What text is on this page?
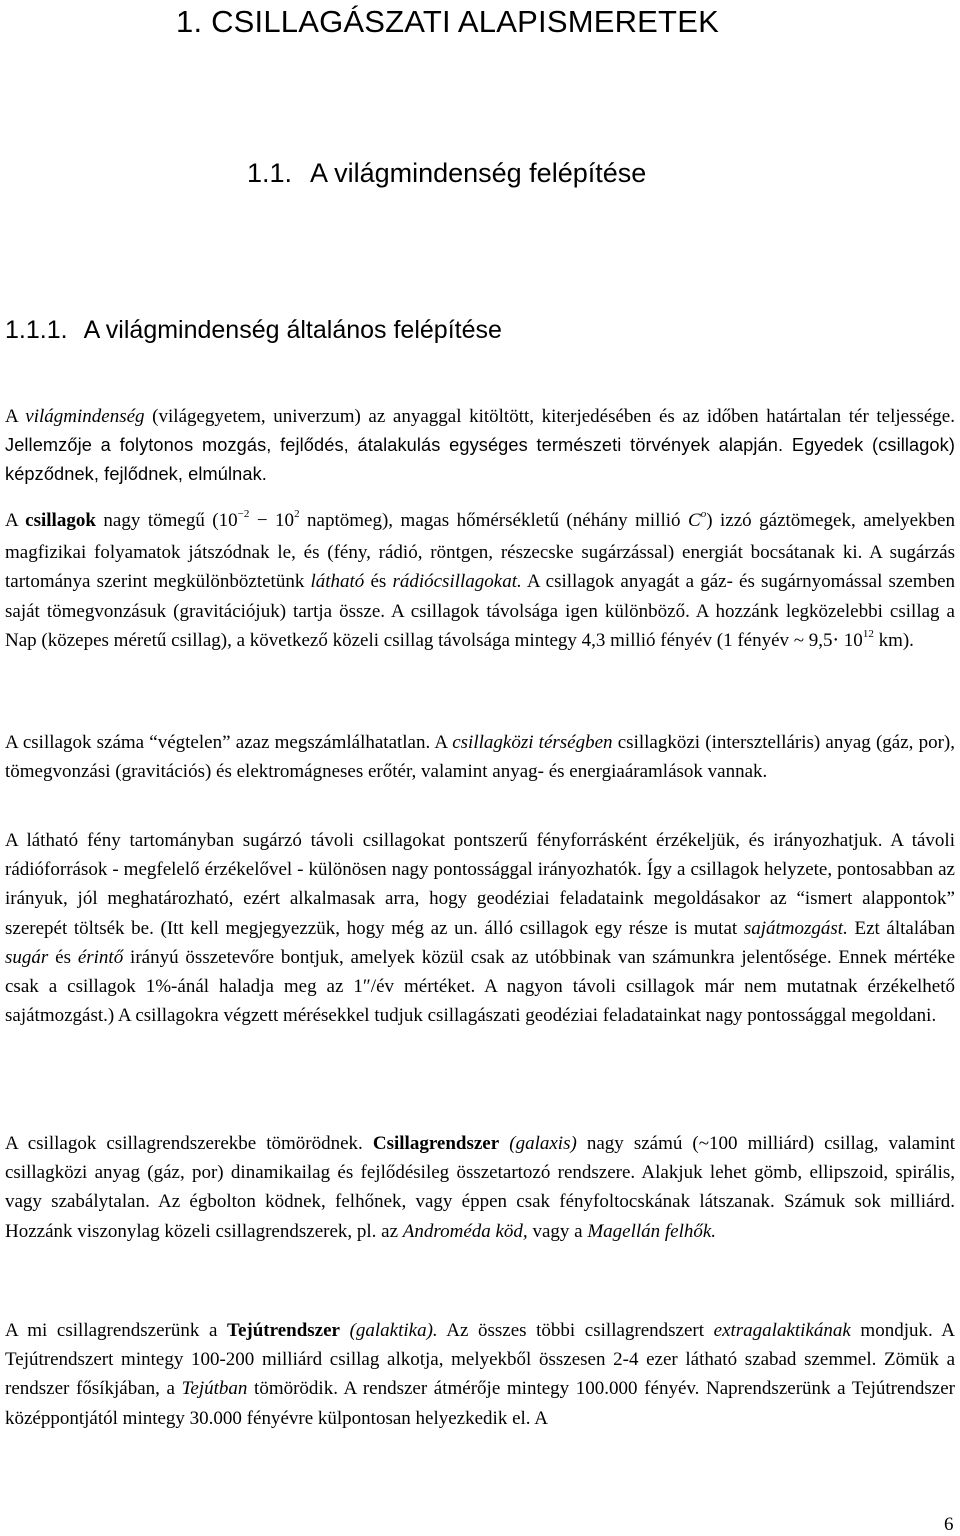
1. CSILLAGÁSZATI ALAPISMERETEK
1.1. A világmindenség felépítése
1.1.1. A világmindenség általános felépítése

A világmindenség (világegyetem, univerzum) az anyaggal kitöltött, kiterjedésében és az időben határtalan tér teljessége. Jellemzője a folytonos mozgás, fejlődés, átalakulás egységes természeti törvények alapján. Egyedek (csillagok) képződnek, fejlődnek, elmúlnak.

A csillagok nagy tömegű ($10^{-2} - 10^2$ naptömeg), magas hőmérsékletű (néhány millió $C^o$) izzó gáztömegek, amelyekben magfizikai folyamatok játszódnak le, és (fény, rádió, röntgen, részecske sugárzással) energiát bocsátanak ki. A sugárzás tartománya szerint megkülönböztetünk látható és rádiócsillagokat. A csillagok anyagát a gáz- és sugárnyomással szemben saját tömegvonzásuk (gravitációjuk) tartja össze. A csillagok távolsága igen különböző. A hozzánk legközelebbi csillag a Nap (közepes méretű csillag), a következő közeli csillag távolsága mintegy 4,3 millió fényév (1 fényév ~ $9,5\cdot 10^{12}$ km).

A csillagok száma “végtelen” azaz megszámlálhatatlan. A csillagközi térségben csillagközi (intersztelláris) anyag (gáz, por), tömegvonzási (gravitációs) és elektromágneses erőtér, valamint anyag- és energiaáramlások vannak.

A látható fény tartományban sugárzó távoli csillagokat pontszerű fényforrásként érzékeljük, és irányozhatjuk. A távoli rádióforrások - megfelelő érzékelővel - különösen nagy pontossággal irányozhatók. Így a csillagok helyzete, pontosabban az irányuk, jól meghatározható, ezért alkalmasak arra, hogy geodéziai feladataink megoldásakor az “ismert alappontok” szerepét töltsék be. (Itt kell megjegyezzük, hogy még az un. álló csillagok egy része is mutat sajátmozgást. Ezt általában sugár és érintő irányú összetevőre bontjuk, amelyek közül csak az utóbbinak van számunkra jelentősége. Ennek mértéke csak a csillagok 1%-ánál haladja meg az 1″/év mértéket. A nagyon távoli csillagok már nem mutatnak érzékelhető sajátmozgást.) A csillagokra végzett mérésekkel tudjuk csillagászati geodéziai feladatainkat nagy pontossággal megoldani.

A csillagok csillagrendszerekbe tömörödnek. Csillagrendszer (galaxis) nagy számú (~100 milliárd) csillag, valamint csillagközi anyag (gáz, por) dinamikailag és fejlődésileg összetartozó rendszere. Alakjuk lehet gömb, ellipszoid, spirális, vagy szabálytalan. Az égbolton ködnek, felhőnek, vagy éppen csak fényfoltocskának látszanak. Számuk sok milliárd. Hozzánk viszonylag közeli csillagrendszerek, pl. az Androméda köd, vagy a Magellán felhők.

A mi csillagrendszerünk a Tejútrendszer (galaktika). Az összes többi csillagrendszert extragalaktikának mondjuk. A Tejútrendszert mintegy 100-200 milliárd csillag alkotja, melyekből összesen 2-4 ezer látható szabad szemmel. Zömük a rendszer fősíkjában, a Tejútban tömörödik. A rendszer átmérője mintegy 100.000 fényév. Naprendszerünk a Tejútrendszer középpontjától mintegy 30.000 fényévre külpontosan helyezkedik el. A

6
